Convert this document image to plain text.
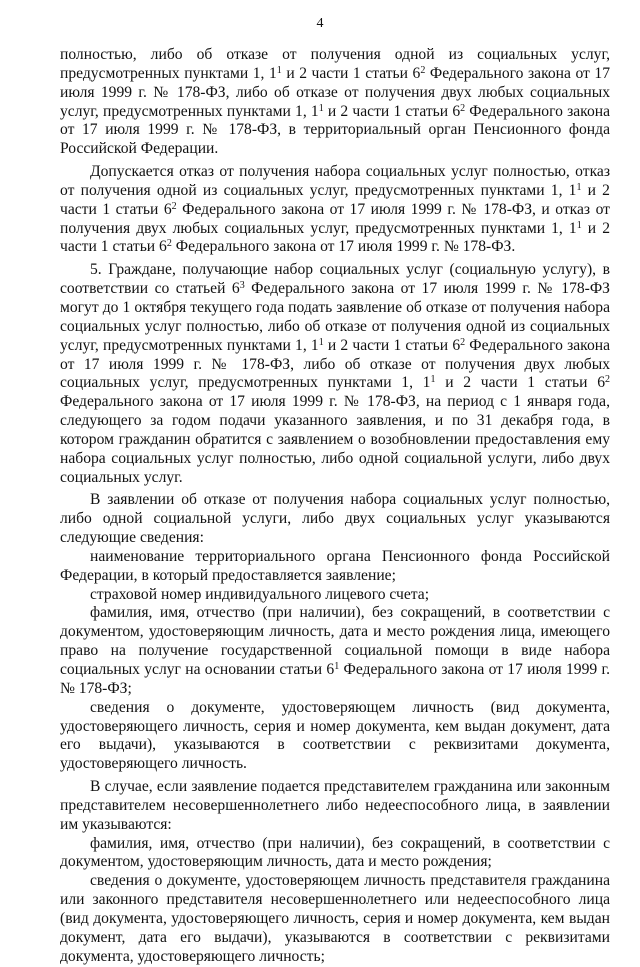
4

полностью, либо об отказе от получения одной из социальных услуг, предусмотренных пунктами 1, $1^1$ и 2 части 1 статьи $6^2$ Федерального закона от 17 июля 1999 г. № 178-ФЗ, либо об отказе от получения двух любых социальных услуг, предусмотренных пунктами 1, $1^1$ и 2 части 1 статьи $6^2$ Федерального закона от 17 июля 1999 г. № 178-ФЗ, в территориальный орган Пенсионного фонда Российской Федерации.

Допускается отказ от получения набора социальных услуг полностью, отказ от получения одной из социальных услуг, предусмотренных пунктами 1, $1^1$ и 2 части 1 статьи $6^2$ Федерального закона от 17 июля 1999 г. № 178-ФЗ, и отказ от получения двух любых социальных услуг, предусмотренных пунктами 1, $1^1$ и 2 части 1 статьи $6^2$ Федерального закона от 17 июля 1999 г. № 178-ФЗ.

5. Граждане, получающие набор социальных услуг (социальную услугу), в соответствии со статьей $6^3$ Федерального закона от 17 июля 1999 г. № 178-ФЗ могут до 1 октября текущего года подать заявление об отказе от получения набора социальных услуг полностью, либо об отказе от получения одной из социальных услуг, предусмотренных пунктами 1, $1^1$ и 2 части 1 статьи $6^2$ Федерального закона от 17 июля 1999 г. № 178-ФЗ, либо об отказе от получения двух любых социальных услуг, предусмотренных пунктами 1, $1^1$ и 2 части 1 статьи $6^2$ Федерального закона от 17 июля 1999 г. № 178-ФЗ, на период с 1 января года, следующего за годом подачи указанного заявления, и по 31 декабря года, в котором гражданин обратится с заявлением о возобновлении предоставления ему набора социальных услуг полностью, либо одной социальной услуги, либо двух социальных услуг.

В заявлении об отказе от получения набора социальных услуг полностью, либо одной социальной услуги, либо двух социальных услуг указываются следующие сведения:

наименование территориального органа Пенсионного фонда Российской Федерации, в который предоставляется заявление;

страховой номер индивидуального лицевого счета;

фамилия, имя, отчество (при наличии), без сокращений, в соответствии с документом, удостоверяющим личность, дата и место рождения лица, имеющего право на получение государственной социальной помощи в виде набора социальных услуг на основании статьи $6^1$ Федерального закона от 17 июля 1999 г. № 178-ФЗ;

сведения о документе, удостоверяющем личность (вид документа, удостоверяющего личность, серия и номер документа, кем выдан документ, дата его выдачи), указываются в соответствии с реквизитами документа, удостоверяющего личность.

В случае, если заявление подается представителем гражданина или законным представителем несовершеннолетнего либо недееспособного лица, в заявлении им указываются:

фамилия, имя, отчество (при наличии), без сокращений, в соответствии с документом, удостоверяющим личность, дата и место рождения;

сведения о документе, удостоверяющем личность представителя гражданина или законного представителя несовершеннолетнего или недееспособного лица (вид документа, удостоверяющего личность, серия и номер документа, кем выдан документ, дата его выдачи), указываются в соответствии с реквизитами документа, удостоверяющего личность;
